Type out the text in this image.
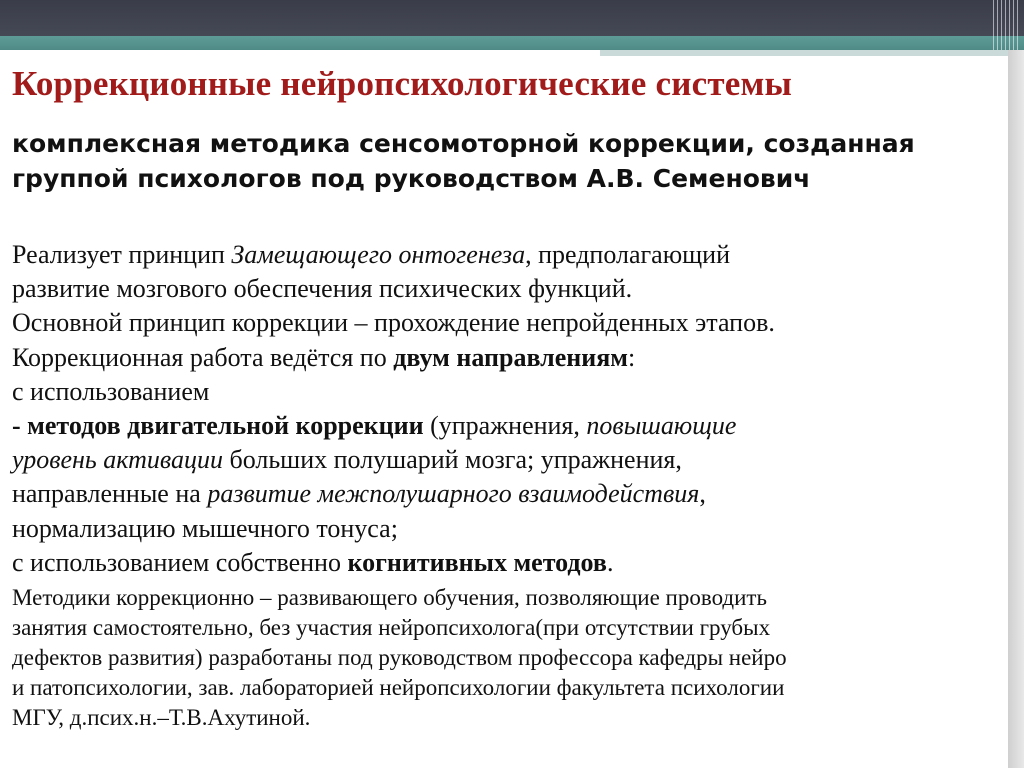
Коррекционные нейропсихологические системы
комплексная методика сенсомоторной коррекции, созданная группой психологов под руководством А.В. Семенович

Реализует принцип Замещающего онтогенеза, предполагающий

развитие мозгового обеспечения психических функций.

Основной принцип коррекции – прохождение непройденных этапов.

Коррекционная работа ведётся по двум направлениям:

с использованием

- методов двигательной коррекции (упражнения, повышающие

уровень активации больших полушарий мозга; упражнения,

направленные на развитие межполушарного взаимодействия,

нормализацию мышечного тонуса;

с использованием собственно когнитивных методов.

Методики коррекционно – развивающего обучения, позволяющие проводить

занятия самостоятельно, без участия нейропсихолога(при отсутствии грубых

дефектов развития) разработаны под руководством профессора кафедры нейро

и патопсихологии, зав. лабораторией нейропсихологии факультета психологии

МГУ, д.псих.н.–Т.В.Ахутиной.
